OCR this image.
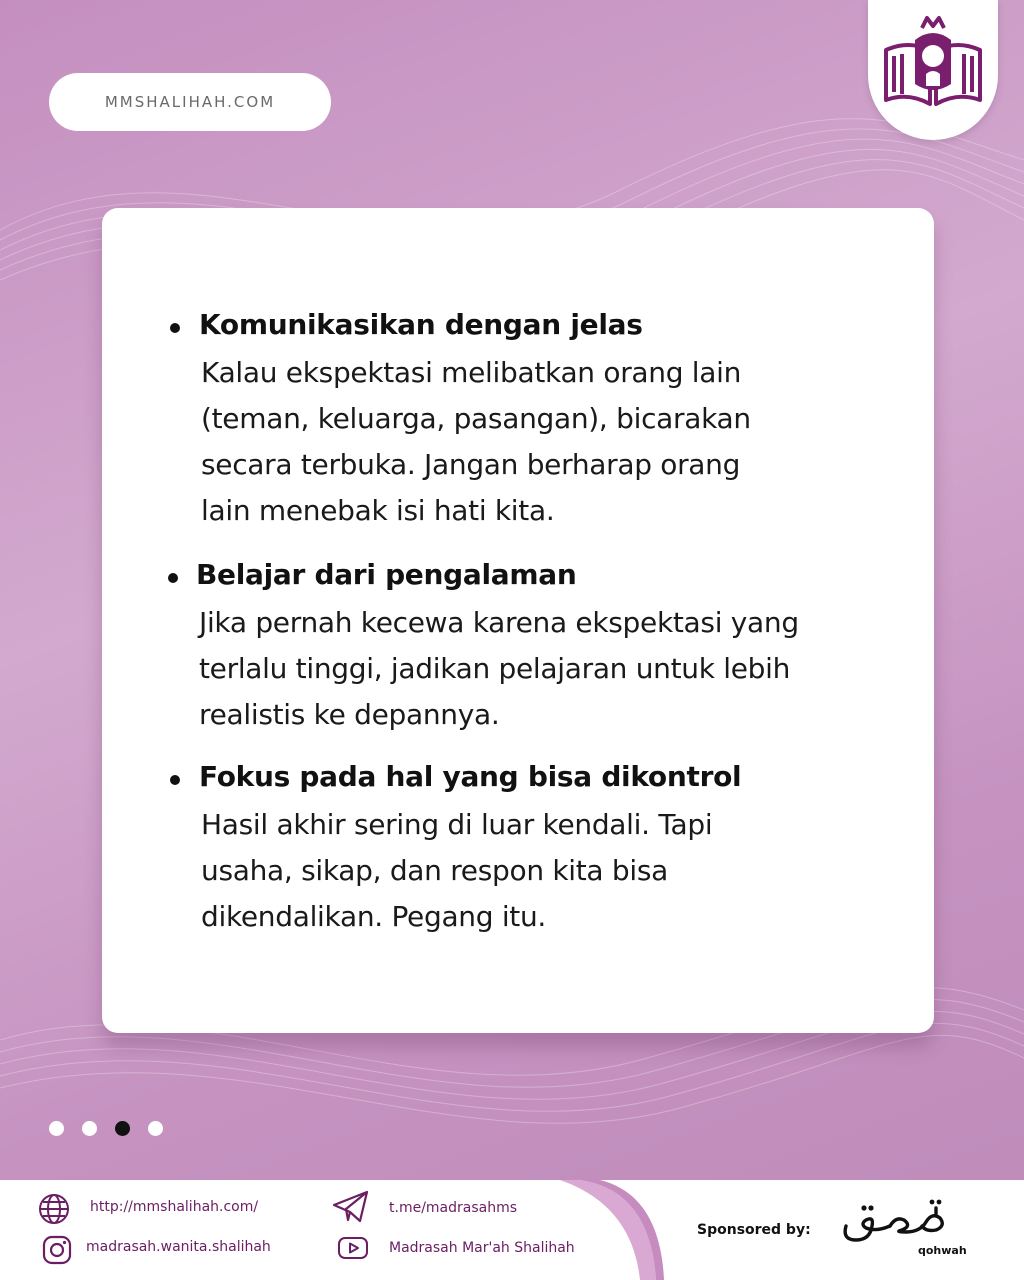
MMSHALIHAH.COM
Komunikasikan dengan jelas
Kalau ekspektasi melibatkan orang lain
(teman, keluarga, pasangan), bicarakan
secara terbuka. Jangan berharap orang
lain menebak isi hati kita.
Belajar dari pengalaman
Jika pernah kecewa karena ekspektasi yang
terlalu tinggi, jadikan pelajaran untuk lebih
realistis ke depannya.
Fokus pada hal yang bisa dikontrol
Hasil akhir sering di luar kendali. Tapi
usaha, sikap, dan respon kita bisa
dikendalikan. Pegang itu.
http://mmshalihah.com/
madrasah.wanita.shalihah
t.me/madrasahms
Madrasah Mar'ah Shalihah
Sponsored by:
qohwah
